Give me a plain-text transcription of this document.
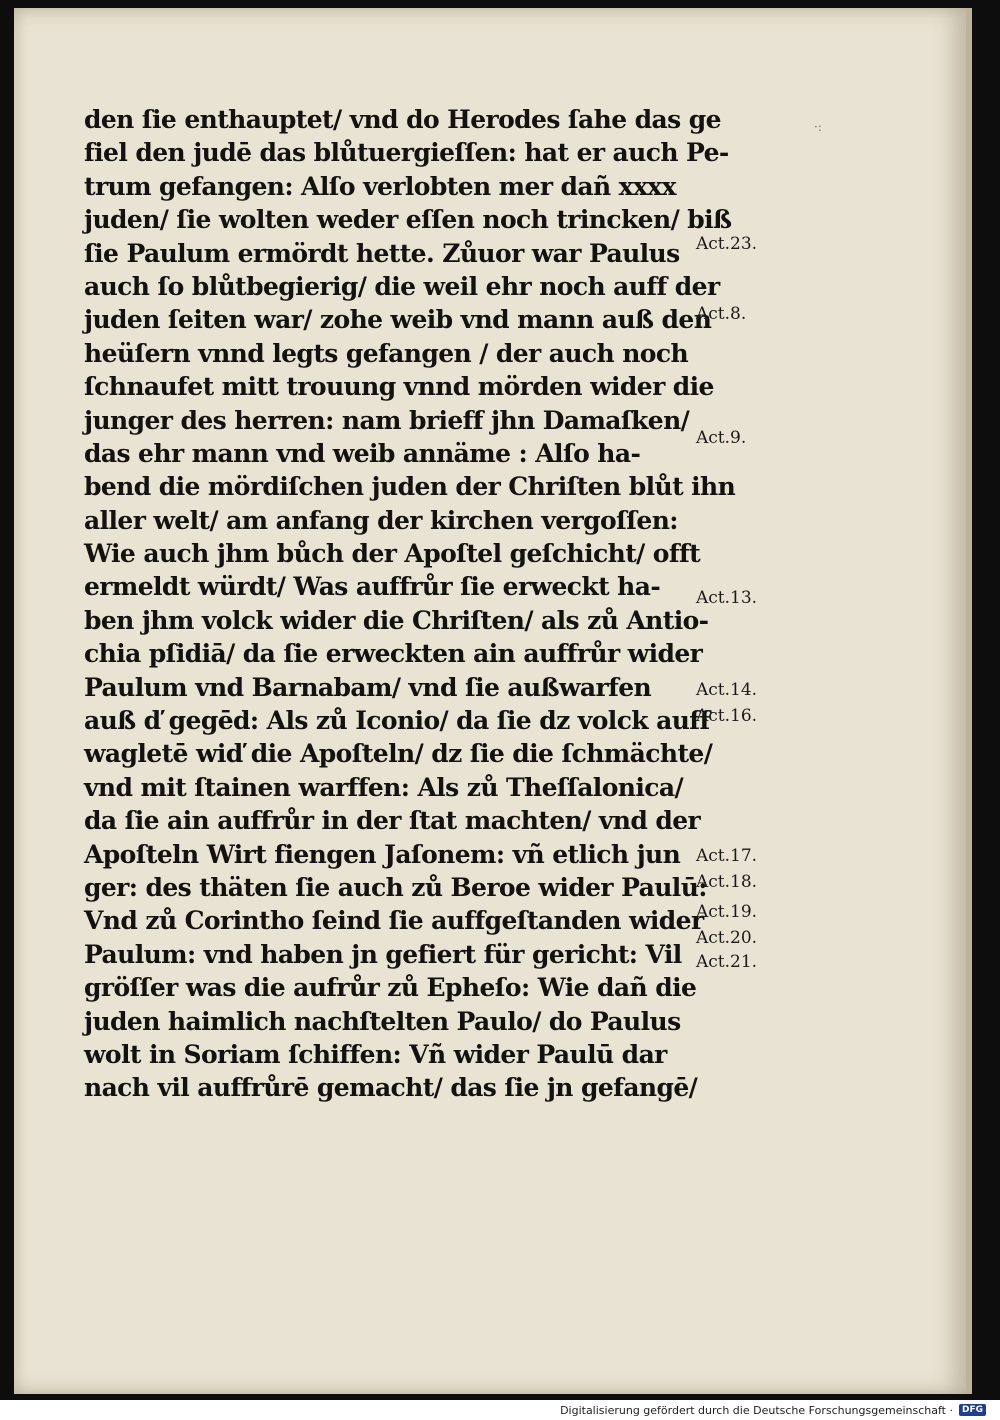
den ſie enthauptet/ vnd do Herodes ſahe das ge
fiel den judē das blůtuergieſſen: hat er auch Pe-
trum gefangen: Alſo verlobten mer dañ xxxx
juden/ ſie wolten weder eſſen noch trincken/ biß
ſie Paulum ermördt hette. Zůuor war Paulus
auch ſo blůtbegierig/ die weil ehr noch auff der
juden ſeiten war/ zohe weib vnd mann auß den
heüſern vnnd legts gefangen / der auch noch
ſchnaufet mitt trouung vnnd mörden wider die
junger des herren: nam brieff jhn Damaſken/
das ehr mann vnd weib annäme : Alſo ha-
bend die mördiſchen juden der Chriſten blůt ihn
aller welt/ am anfang der kirchen vergoſſen:
Wie auch jhm bůch der Apoſtel geſchicht/ offt
ermeldt würdt/ Was auffrůr ſie erweckt ha-
ben jhm volck wider die Chriſten/ als zů Antio-
chia pſidiā/ da ſie erweckten ain auffrůr wider
Paulum vnd Barnabam/ vnd ſie außwarfen
auß ď gegēd: Als zů Iconio/ da ſie dz volck auff
wagletē wiď die Apoſteln/ dz ſie die ſchmächte/
vnd mit ſtainen warffen: Als zů Theſſalonica/
da ſie ain auffrůr in der ſtat machten/ vnd der
Apoſteln Wirt fiengen Jaſonem: vñ etlich jun
ger: des thäten ſie auch zů Beroe wider Paulū:
Vnd zů Corintho ſeind ſie auffgeſtanden wider
Paulum: vnd haben jn gefiert für gericht: Vil
gröſſer was die aufrůr zů Epheſo: Wie dañ die
juden haimlich nachſtelten Paulo/ do Paulus
wolt in Soriam ſchiffen: Vñ wider Paulū dar
nach vil auffrůrē gemacht/ das ſie jn gefangē/
Act.23.
Act.8.
Act.9.
Act.13.
Act.14.
Act.16.
Act.17.
Act.18.
Act.19.
Act.20.
Act.21.
·:
Digitalisierung gefördert durch die Deutsche Forschungsgemeinschaft ·	DFG
